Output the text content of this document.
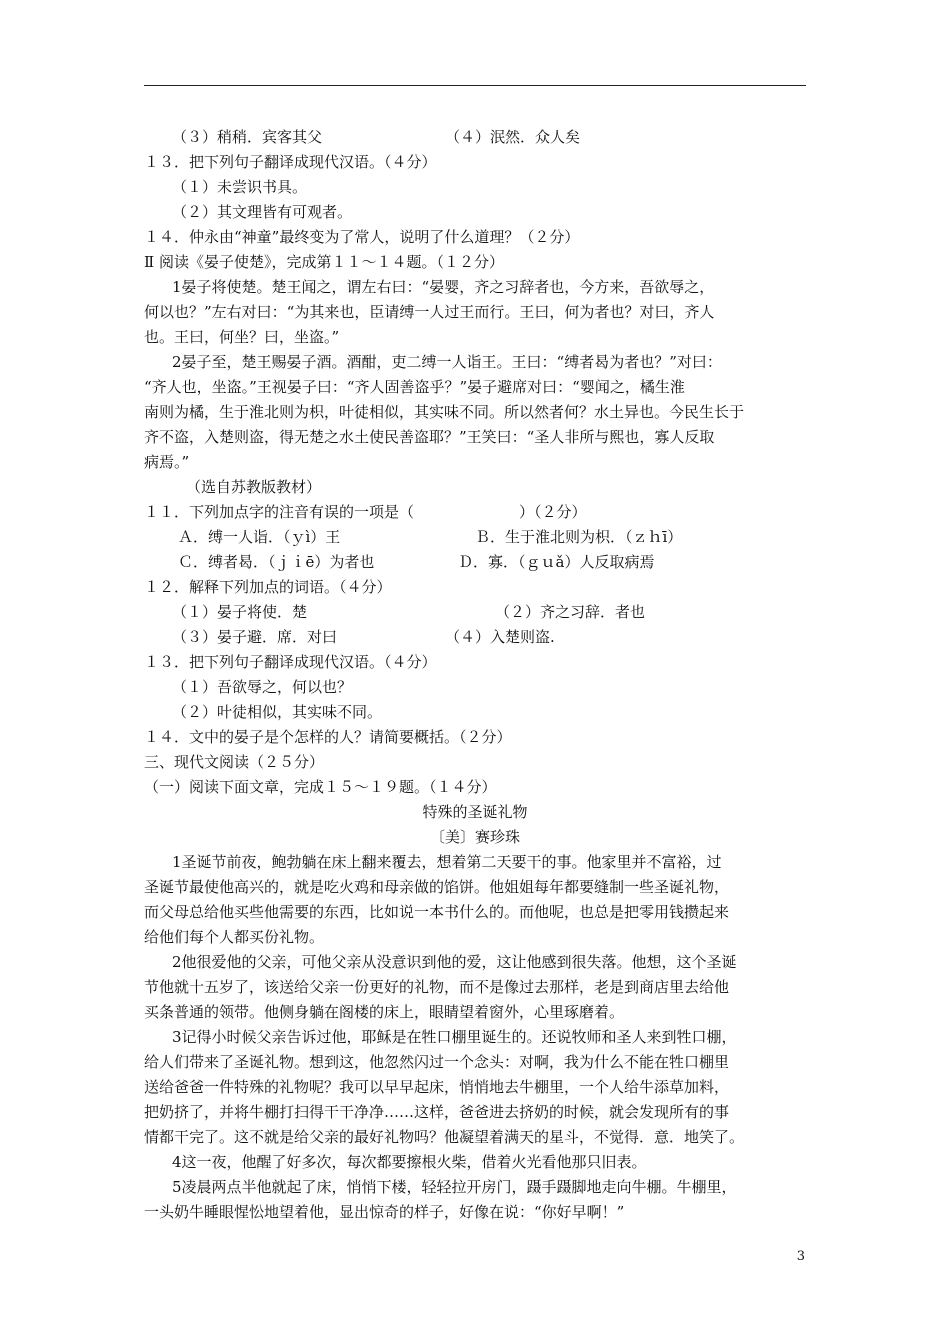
（３）稍稍．宾客其父	（４）泯然．众人矣
１３．把下列句子翻译成现代汉语。（４分）
（１）未尝识书具。
（２）其文理皆有可观者。
１４．仲永由“神童”最终变为了常人，说明了什么道理？（２分）
Ⅱ 阅读《晏子使楚》，完成第１１～１４题。（１２分）
1晏子将使楚。楚王闻之，谓左右曰：“晏婴，齐之习辞者也，今方来，吾欲辱之，
何以也？”左右对曰：“为其来也，臣请缚一人过王而行。王曰，何为者也？对曰，齐人
也。王曰，何坐？曰，坐盗。”
2晏子至，楚王赐晏子酒。酒酣，吏二缚一人诣王。王曰：“缚者曷为者也？”对曰：
“齐人也，坐盗。”王视晏子曰：“齐人固善盗乎？”晏子避席对曰：“婴闻之，橘生淮
南则为橘，生于淮北则为枳，叶徒相似，其实味不同。所以然者何？水土异也。今民生长于
齐不盗，入楚则盗，得无楚之水土使民善盗耶？”王笑曰：“圣人非所与熙也，寡人反取
病焉。”
（选自苏教版教材）
１１．下列加点字的注音有误的一项是（　　　　　　　）（２分）
Ａ．缚一人诣．（ｙì）王	Ｂ．生于淮北则为枳．（ｚｈī）
Ｃ．缚者曷．（ｊｉē）为者也	Ｄ．寡．（ｇｕǎ）人反取病焉
１２．解释下列加点的词语。（４分）
（１）晏子将使．楚	（２）齐之习辞．者也
（３）晏子避．席．对曰	（４）入楚则盗.
１３．把下列句子翻译成现代汉语。（４分）
（１）吾欲辱之，何以也？
（２）叶徒相似，其实味不同。
１４．文中的晏子是个怎样的人？请简要概括。（２分）
三、现代文阅读（２５分）
（一）阅读下面文章，完成１５～１９题。（１４分）
特殊的圣诞礼物
〔美〕赛珍珠
1圣诞节前夜，鲍勃躺在床上翻来覆去，想着第二天要干的事。他家里并不富裕，过
圣诞节最使他高兴的，就是吃火鸡和母亲做的馅饼。他姐姐每年都要缝制一些圣诞礼物，
而父母总给他买些他需要的东西，比如说一本书什么的。而他呢，也总是把零用钱攒起来
给他们每个人都买份礼物。
2他很爱他的父亲，可他父亲从没意识到他的爱，这让他感到很失落。他想，这个圣诞
节他就十五岁了，该送给父亲一份更好的礼物，而不是像过去那样，老是到商店里去给他
买条普通的领带。他侧身躺在阁楼的床上，眼睛望着窗外，心里琢磨着。
3记得小时候父亲告诉过他，耶稣是在牲口棚里诞生的。还说牧师和圣人来到牲口棚，
给人们带来了圣诞礼物。想到这，他忽然闪过一个念头：对啊，我为什么不能在牲口棚里
送给爸爸一件特殊的礼物呢？我可以早早起床，悄悄地去牛棚里，一个人给牛添草加料，
把奶挤了，并将牛棚打扫得干干净净……这样，爸爸进去挤奶的时候，就会发现所有的事
情都干完了。这不就是给父亲的最好礼物吗？他凝望着满天的星斗，不觉得．意．地笑了。
4这一夜，他醒了好多次，每次都要擦根火柴，借着火光看他那只旧表。
5凌晨两点半他就起了床，悄悄下楼，轻轻拉开房门，蹑手蹑脚地走向牛棚。牛棚里，
一头奶牛睡眼惺忪地望着他，显出惊奇的样子，好像在说：“你好早啊！”
3
